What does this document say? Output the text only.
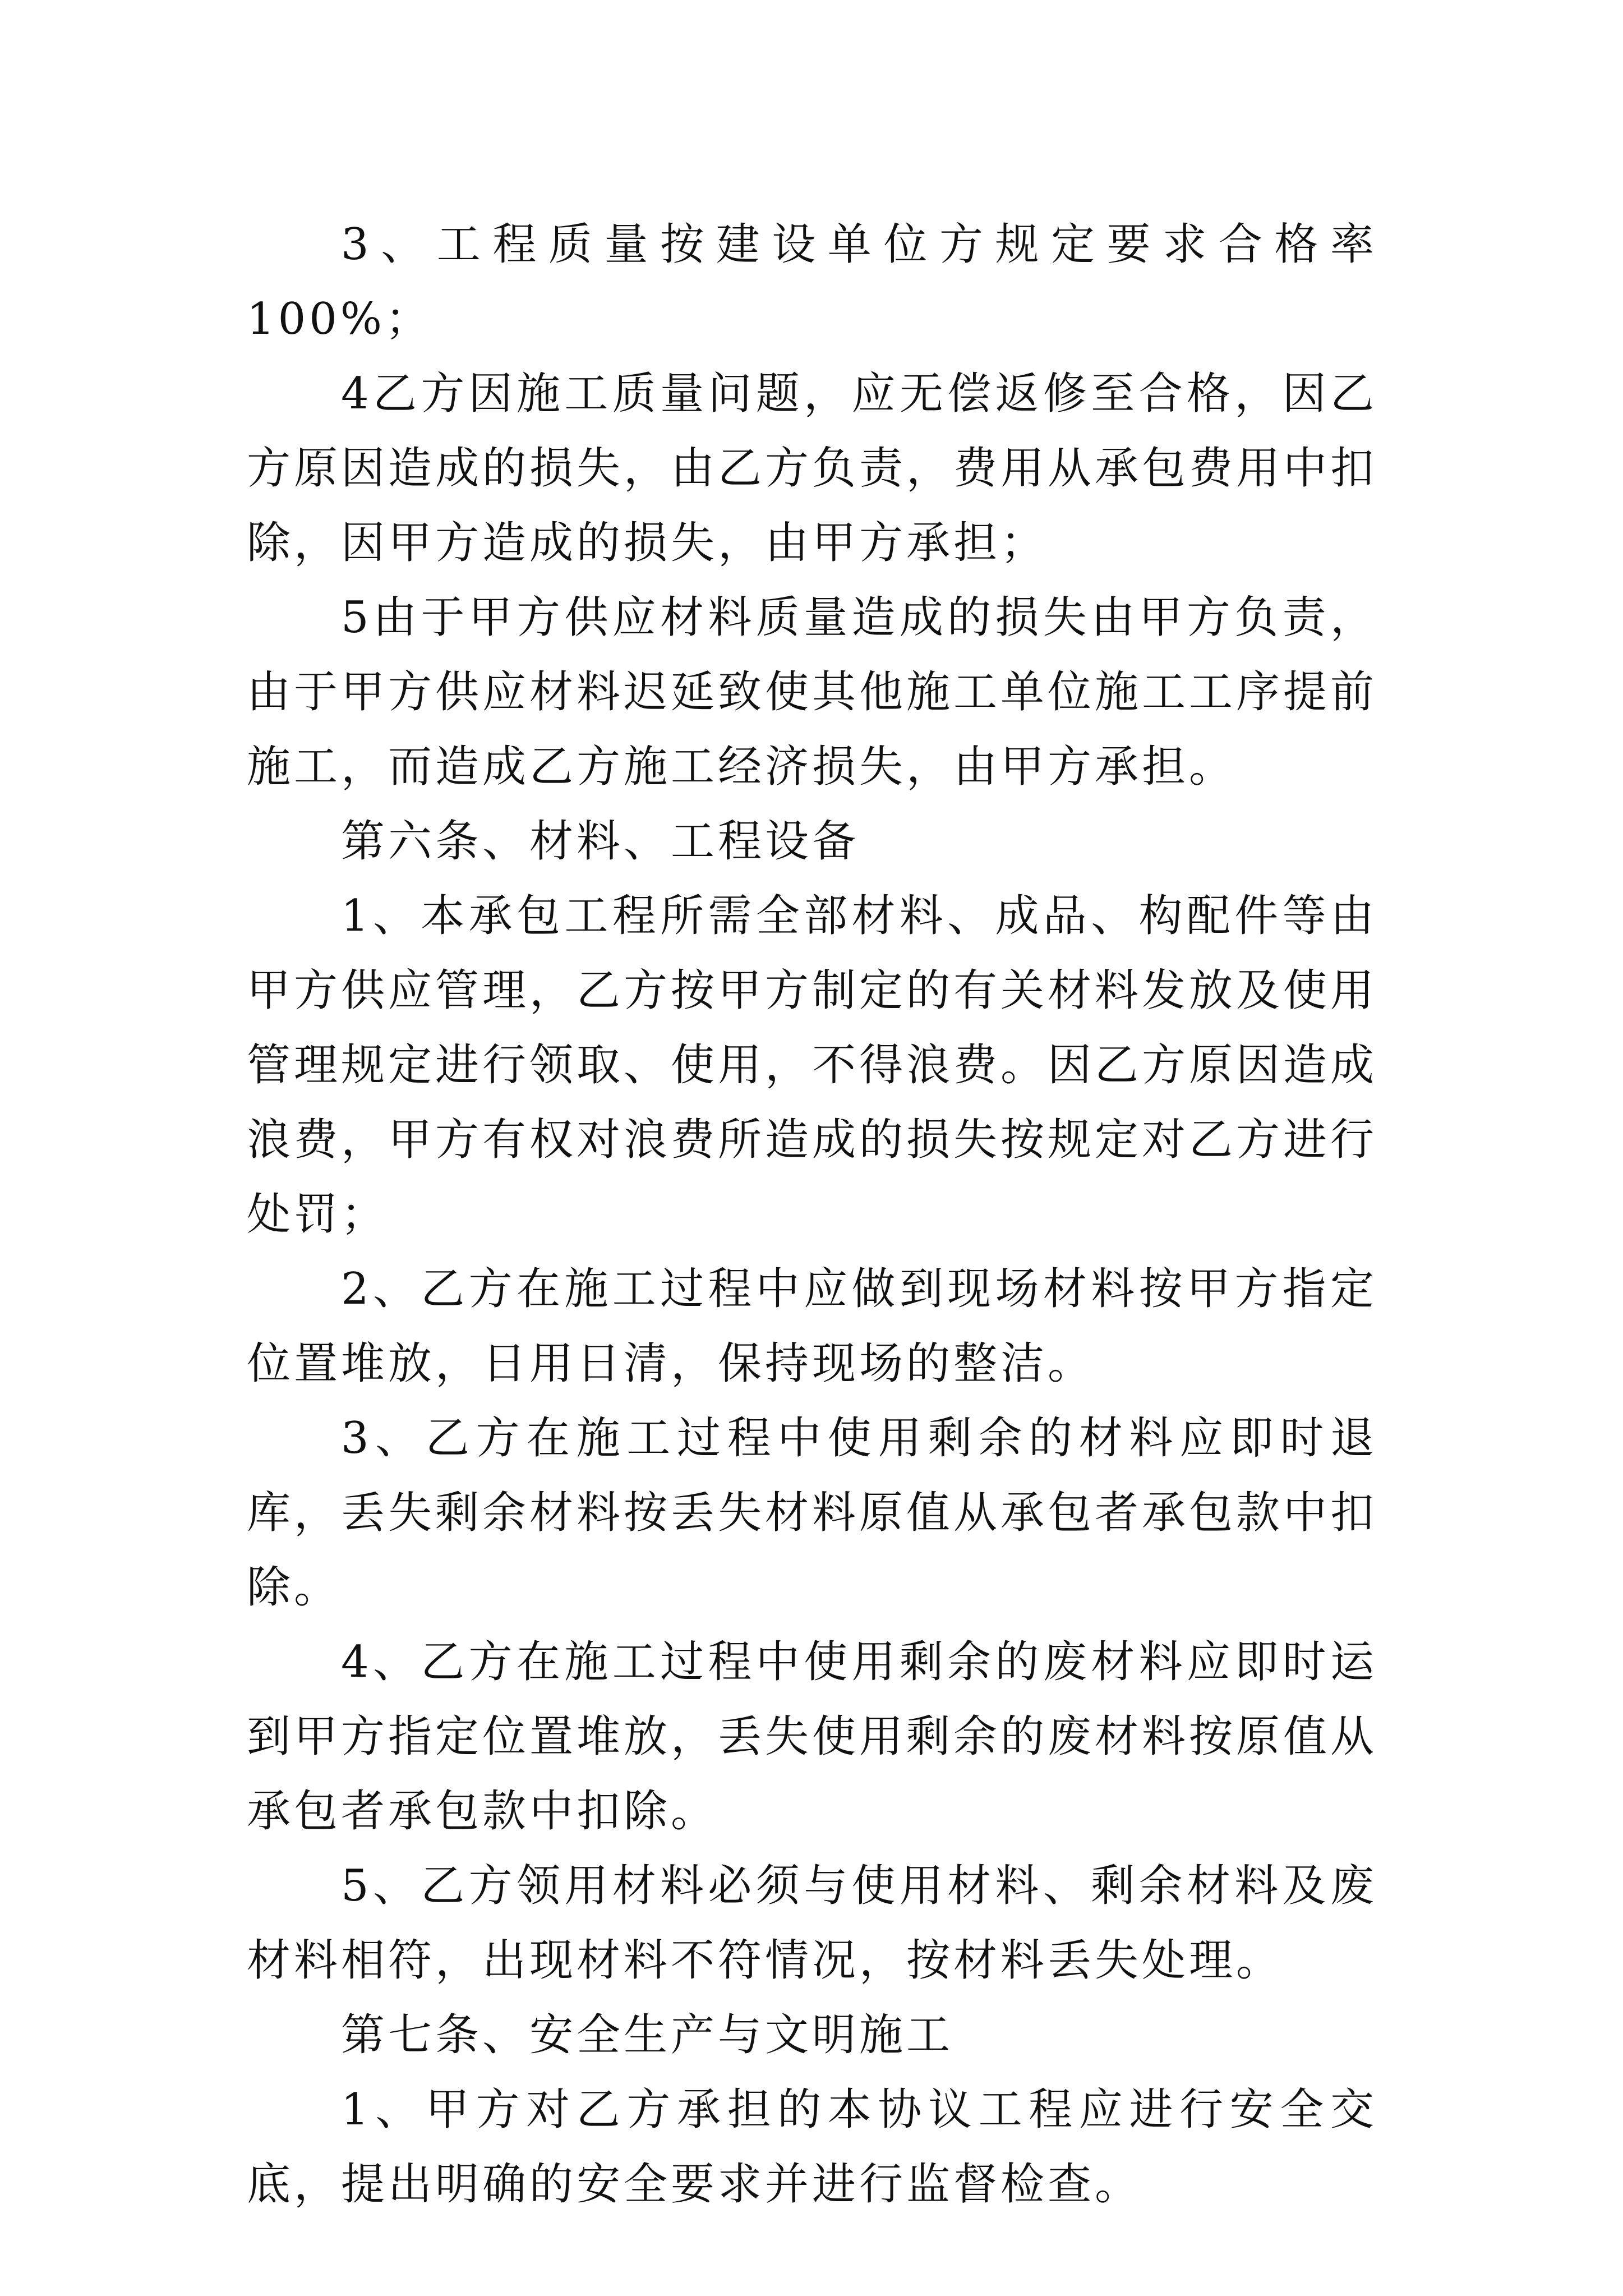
3、工程质量按建设单位方规定要求合格率100%；

4乙方因施工质量问题，应无偿返修至合格，因乙方原因造成的损失，由乙方负责，费用从承包费用中扣除，因甲方造成的损失，由甲方承担；

5由于甲方供应材料质量造成的损失由甲方负责，由于甲方供应材料迟延致使其他施工单位施工工序提前施工，而造成乙方施工经济损失，由甲方承担。

第六条、材料、工程设备

1、本承包工程所需全部材料、成品、构配件等由甲方供应管理，乙方按甲方制定的有关材料发放及使用管理规定进行领取、使用，不得浪费。因乙方原因造成浪费，甲方有权对浪费所造成的损失按规定对乙方进行处罚；

2、乙方在施工过程中应做到现场材料按甲方指定位置堆放，日用日清，保持现场的整洁。

3、乙方在施工过程中使用剩余的材料应即时退库，丢失剩余材料按丢失材料原值从承包者承包款中扣除。

4、乙方在施工过程中使用剩余的废材料应即时运到甲方指定位置堆放，丢失使用剩余的废材料按原值从承包者承包款中扣除。

5、乙方领用材料必须与使用材料、剩余材料及废材料相符，出现材料不符情况，按材料丢失处理。

第七条、安全生产与文明施工

1、甲方对乙方承担的本协议工程应进行安全交底，提出明确的安全要求并进行监督检查。
